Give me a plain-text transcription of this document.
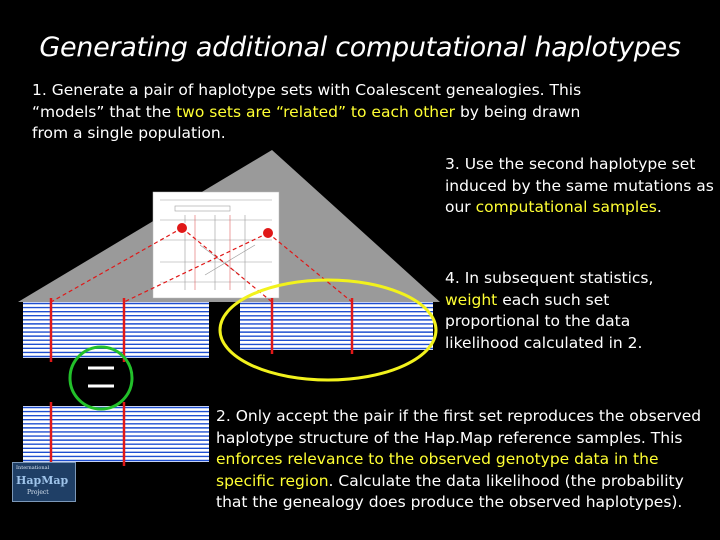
Generating additional computational haplotypes
1. Generate a pair of haplotype sets with Coalescent genealogies. This
“models” that the two sets are “related” to each other by being drawn
from a single population.
International
HapMap
Project
3. Use the second haplotype set induced by the same mutations as our computational samples.
4. In subsequent statistics, weight each such set proportional to the data likelihood calculated in 2.
2. Only accept the pair if the first set reproduces the observed haplotype structure of the Hap.Map reference samples. This enforces relevance to the observed genotype data in the specific region. Calculate the data likelihood (the probability that the genealogy does produce the observed haplotypes).
